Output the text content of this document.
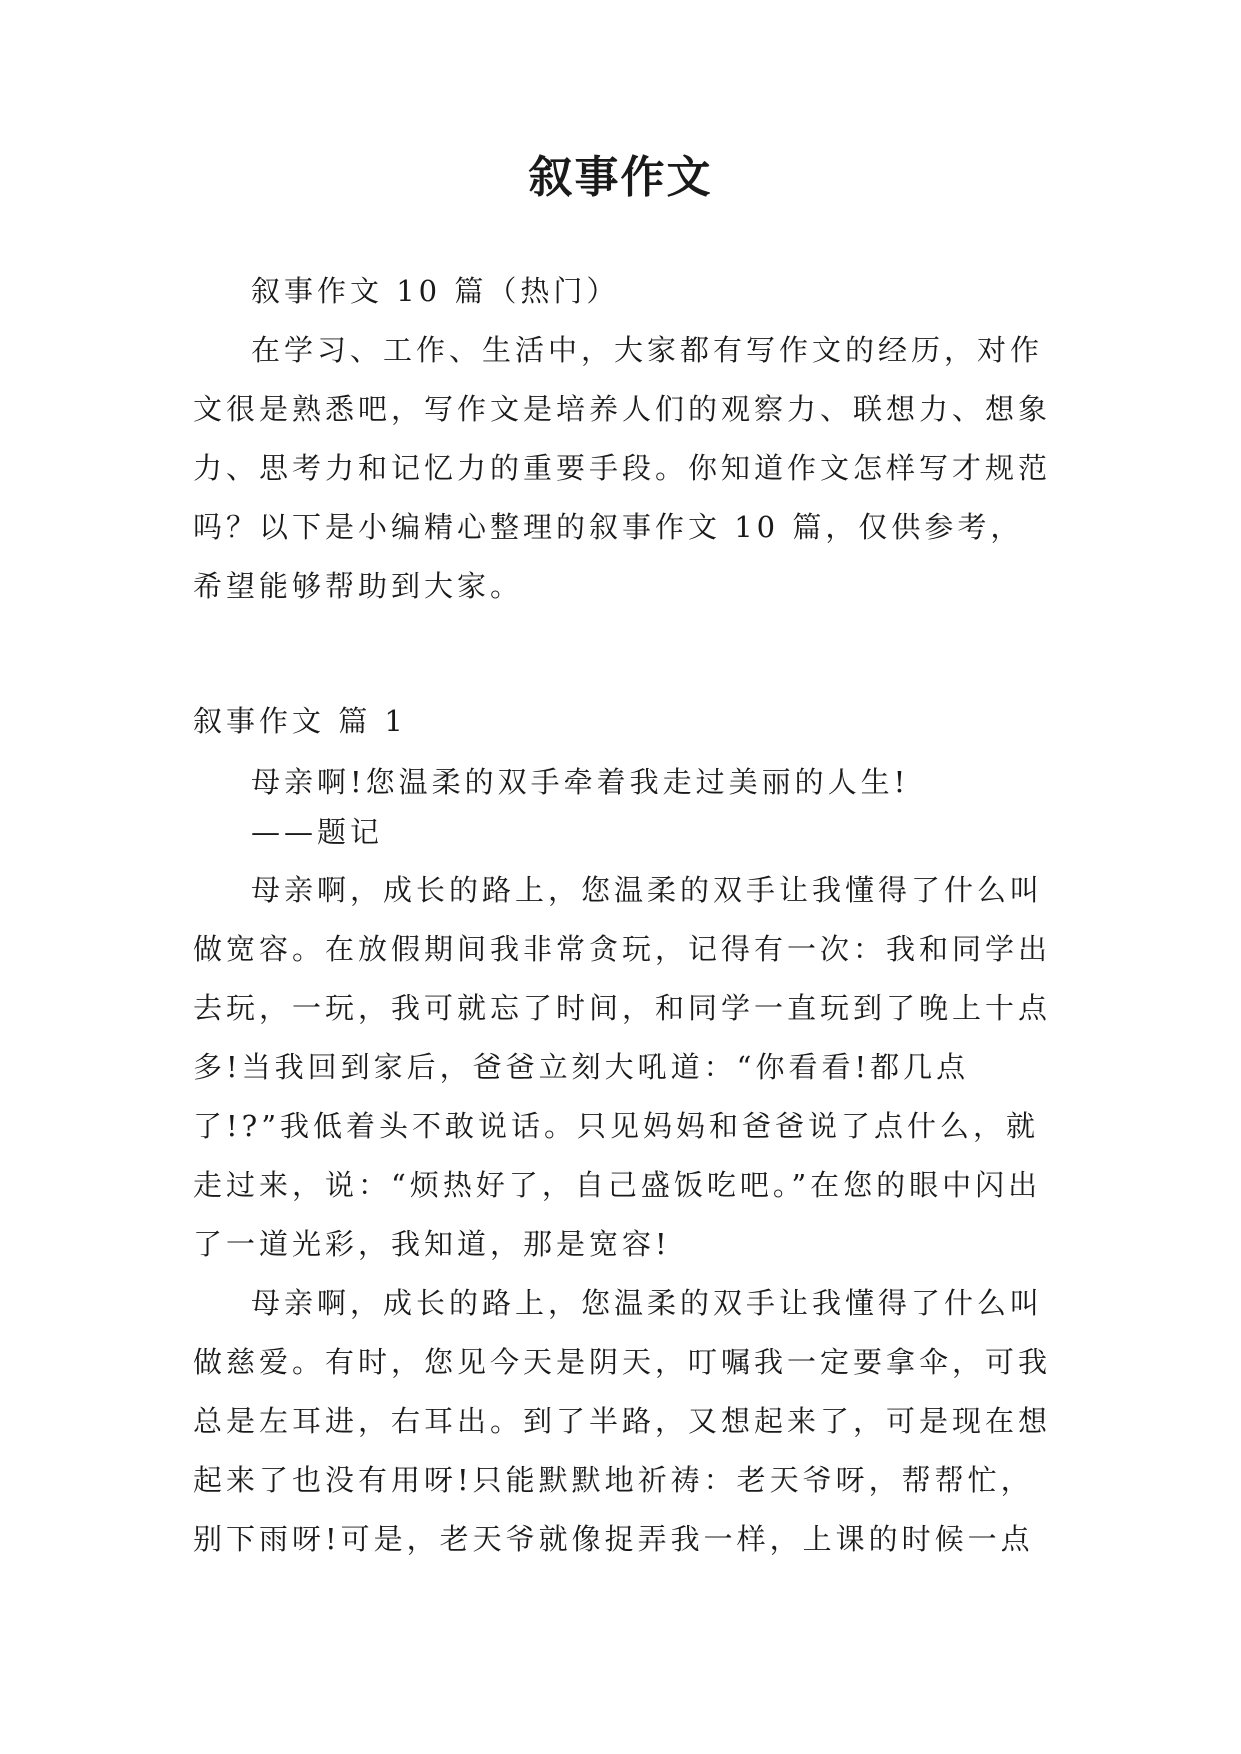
叙事作文

叙事作文 10 篇（热门）

在学习、工作、生活中，大家都有写作文的经历，对作文很是熟悉吧，写作文是培养人们的观察力、联想力、想象力、思考力和记忆力的重要手段。你知道作文怎样写才规范吗？以下是小编精心整理的叙事作文 10 篇，仅供参考，希望能够帮助到大家。

叙事作文 篇 1

母亲啊!您温柔的双手牵着我走过美丽的人生!

——题记

母亲啊，成长的路上，您温柔的双手让我懂得了什么叫做宽容。在放假期间我非常贪玩，记得有一次：我和同学出去玩，一玩，我可就忘了时间，和同学一直玩到了晚上十点多!当我回到家后，爸爸立刻大吼道：“你看看!都几点了!?”我低着头不敢说话。只见妈妈和爸爸说了点什么，就走过来，说：“烦热好了，自己盛饭吃吧。”在您的眼中闪出了一道光彩，我知道，那是宽容!

母亲啊，成长的路上，您温柔的双手让我懂得了什么叫做慈爱。有时，您见今天是阴天，叮嘱我一定要拿伞，可我总是左耳进，右耳出。到了半路，又想起来了，可是现在想起来了也没有用呀!只能默默地祈祷：老天爷呀，帮帮忙，别下雨呀!可是，老天爷就像捉弄我一样，上课的时候一点
